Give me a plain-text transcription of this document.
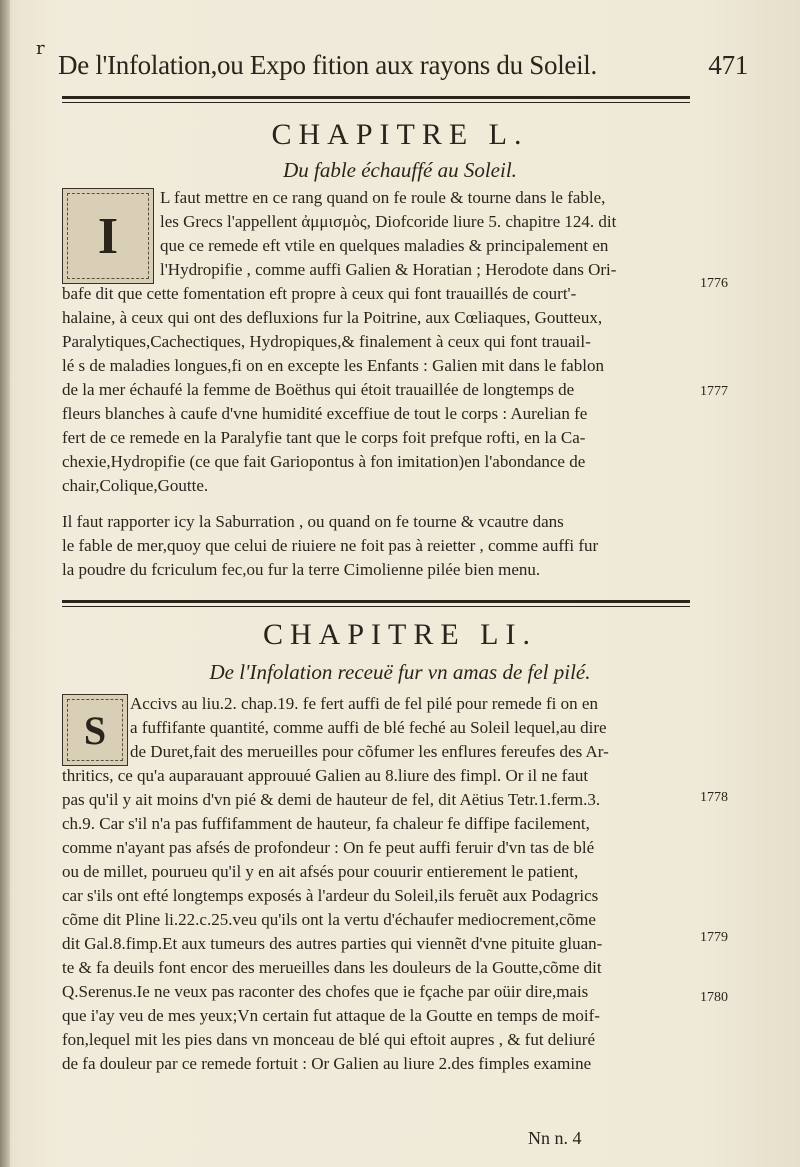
r
De l'Infolation,ou Expo fition aux rayons du Soleil.	471
CHAPITRE L.
Du fable échauffé au Soleil.
I
L faut mettre en ce rang quand on fe roule & tourne dans le fable,
les Grecs l'appellent ἀμμισμὸς, Diofcoride liure 5. chapitre 124. dit
que ce remede eft vtile en quelques maladies & principalement en
l'Hydropifie , comme auffi Galien & Horatian ; Herodote dans Ori-
bafe dit que cette fomentation eft propre à ceux qui font trauaillés de court'-
halaine, à ceux qui ont des defluxions fur la Poitrine, aux Cœliaques, Goutteux,
Paralytiques,Cachectiques, Hydropiques,& finalement à ceux qui font trauail-
lé s de maladies longues,fi on en excepte les Enfants : Galien mit dans le fablon
de la mer échaufé la femme de Boëthus qui étoit trauaillée de longtemps de
fleurs blanches à caufe d'vne humidité exceffiue de tout le corps : Aurelian fe
fert de ce remede en la Paralyfie tant que le corps foit prefque rofti, en la Ca-
chexie,Hydropifie (ce que fait Gariopontus à fon imitation)en l'abondance de
chair,Colique,Goutte.
Il faut rapporter icy la Saburration , ou quand on fe tourne & vcautre dans
le fable de mer,quoy que celui de riuiere ne foit pas à reietter , comme auffi fur
la poudre du fcriculum fec,ou fur la terre Cimolienne pilée bien menu.
1776
1777
CHAPITRE LI.
De l'Infolation receuë fur vn amas de fel pilé.
S
Accivs au liu.2. chap.19. fe fert auffi de fel pilé pour remede fi on en
a fuffifante quantité, comme auffi de blé feché au Soleil lequel,au dire
de Duret,fait des merueilles pour cõfumer les enflures fereufes des Ar-
thritics, ce qu'a auparauant approuué Galien au 8.liure des fimpl. Or il ne faut
pas qu'il y ait moins d'vn pié & demi de hauteur de fel, dit Aëtius Tetr.1.ferm.3.
ch.9. Car s'il n'a pas fuffifamment de hauteur, fa chaleur fe diffipe facilement,
comme n'ayant pas afsés de profondeur : On fe peut auffi feruir d'vn tas de blé
ou de millet, pourueu qu'il y en ait afsés pour couurir entierement le patient,
car s'ils ont efté longtemps exposés à l'ardeur du Soleil,ils feruẽt aux Podagrics
cõme dit Pline li.22.c.25.veu qu'ils ont la vertu d'échaufer mediocrement,cõme
dit Gal.8.fimp.Et aux tumeurs des autres parties qui viennẽt d'vne pituite gluan-
te & fa deuils font encor des merueilles dans les douleurs de la Goutte,cõme dit
Q.Serenus.Ie ne veux pas raconter des chofes que ie fçache par oüir dire,mais
que i'ay veu de mes yeux;Vn certain fut attaque de la Goutte en temps de moif-
fon,lequel mit les pies dans vn monceau de blé qui eftoit aupres , & fut deliuré
de fa douleur par ce remede fortuit : Or Galien au liure 2.des fimples examine
1778
1779
1780
Nn n. 4
